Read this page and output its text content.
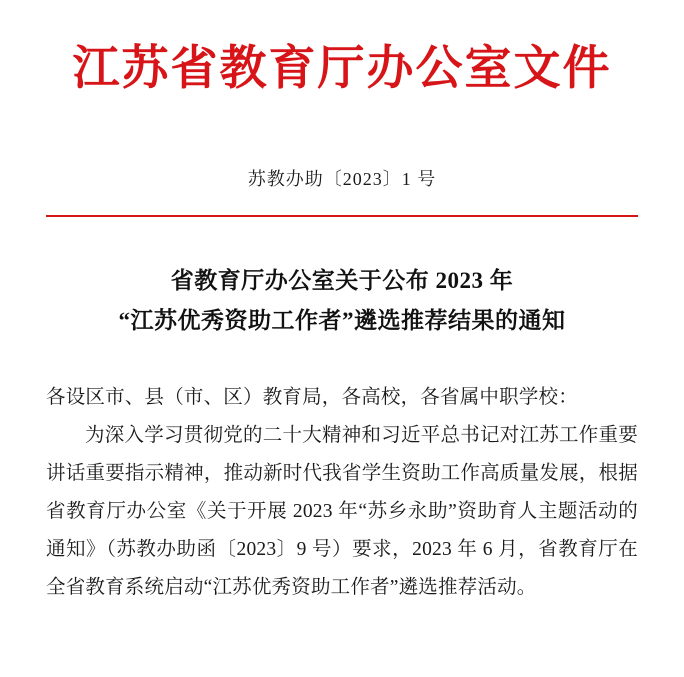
江苏省教育厅办公室文件
苏教办助〔2023〕1 号
省教育厅办公室关于公布 2023 年
“江苏优秀资助工作者”遴选推荐结果的通知
各设区市、县（市、区）教育局，各高校，各省属中职学校：

为深入学习贯彻党的二十大精神和习近平总书记对江苏工作重要讲话重要指示精神，推动新时代我省学生资助工作高质量发展，根据省教育厅办公室《关于开展 2023 年“苏乡永助”资助育人主题活动的通知》（苏教办助函〔2023〕9 号）要求，2023 年 6 月，省教育厅在全省教育系统启动“江苏优秀资助工作者”遴选推荐活动。
